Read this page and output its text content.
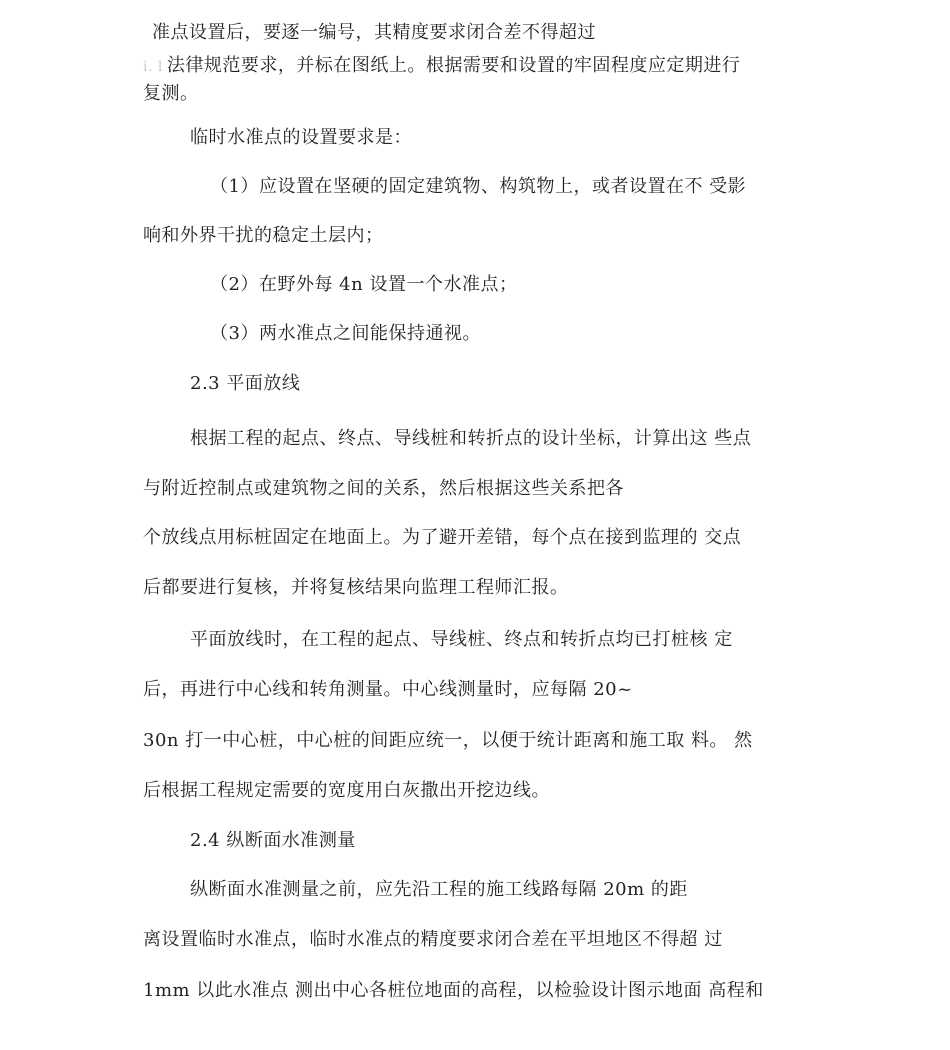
准点设置后，要逐一编号，其精度要求闭合差不得超过
i. l 法律规范要求，并标在图纸上。根据需要和设置的牢固程度应定期进行
复测。
临时水准点的设置要求是：
（1）应设置在坚硬的固定建筑物、构筑物上，或者设置在不 受影
响和外界干扰的稳定土层内；
（2）在野外每 4n 设置一个水准点；
（3）两水准点之间能保持通视。
2.3 平面放线
根据工程的起点、终点、导线桩和转折点的设计坐标，计算出这 些点
与附近控制点或建筑物之间的关系，然后根据这些关系把各
个放线点用标桩固定在地面上。为了避开差错，每个点在接到监理的 交点
后都要进行复核，并将复核结果向监理工程师汇报。
平面放线时，在工程的起点、导线桩、终点和转折点均已打桩核 定
后，再进行中心线和转角测量。中心线测量时，应每隔 20~
30n 打一中心桩，中心桩的间距应统一，以便于统计距离和施工取 料。 然
后根据工程规定需要的宽度用白灰撒出开挖边线。
2.4 纵断面水准测量
纵断面水准测量之前，应先沿工程的施工线路每隔 20m 的距
离设置临时水准点，临时水准点的精度要求闭合差在平坦地区不得超 过
1mm 以此水准点 测出中心各桩位地面的高程，以检验设计图示地面 高程和
